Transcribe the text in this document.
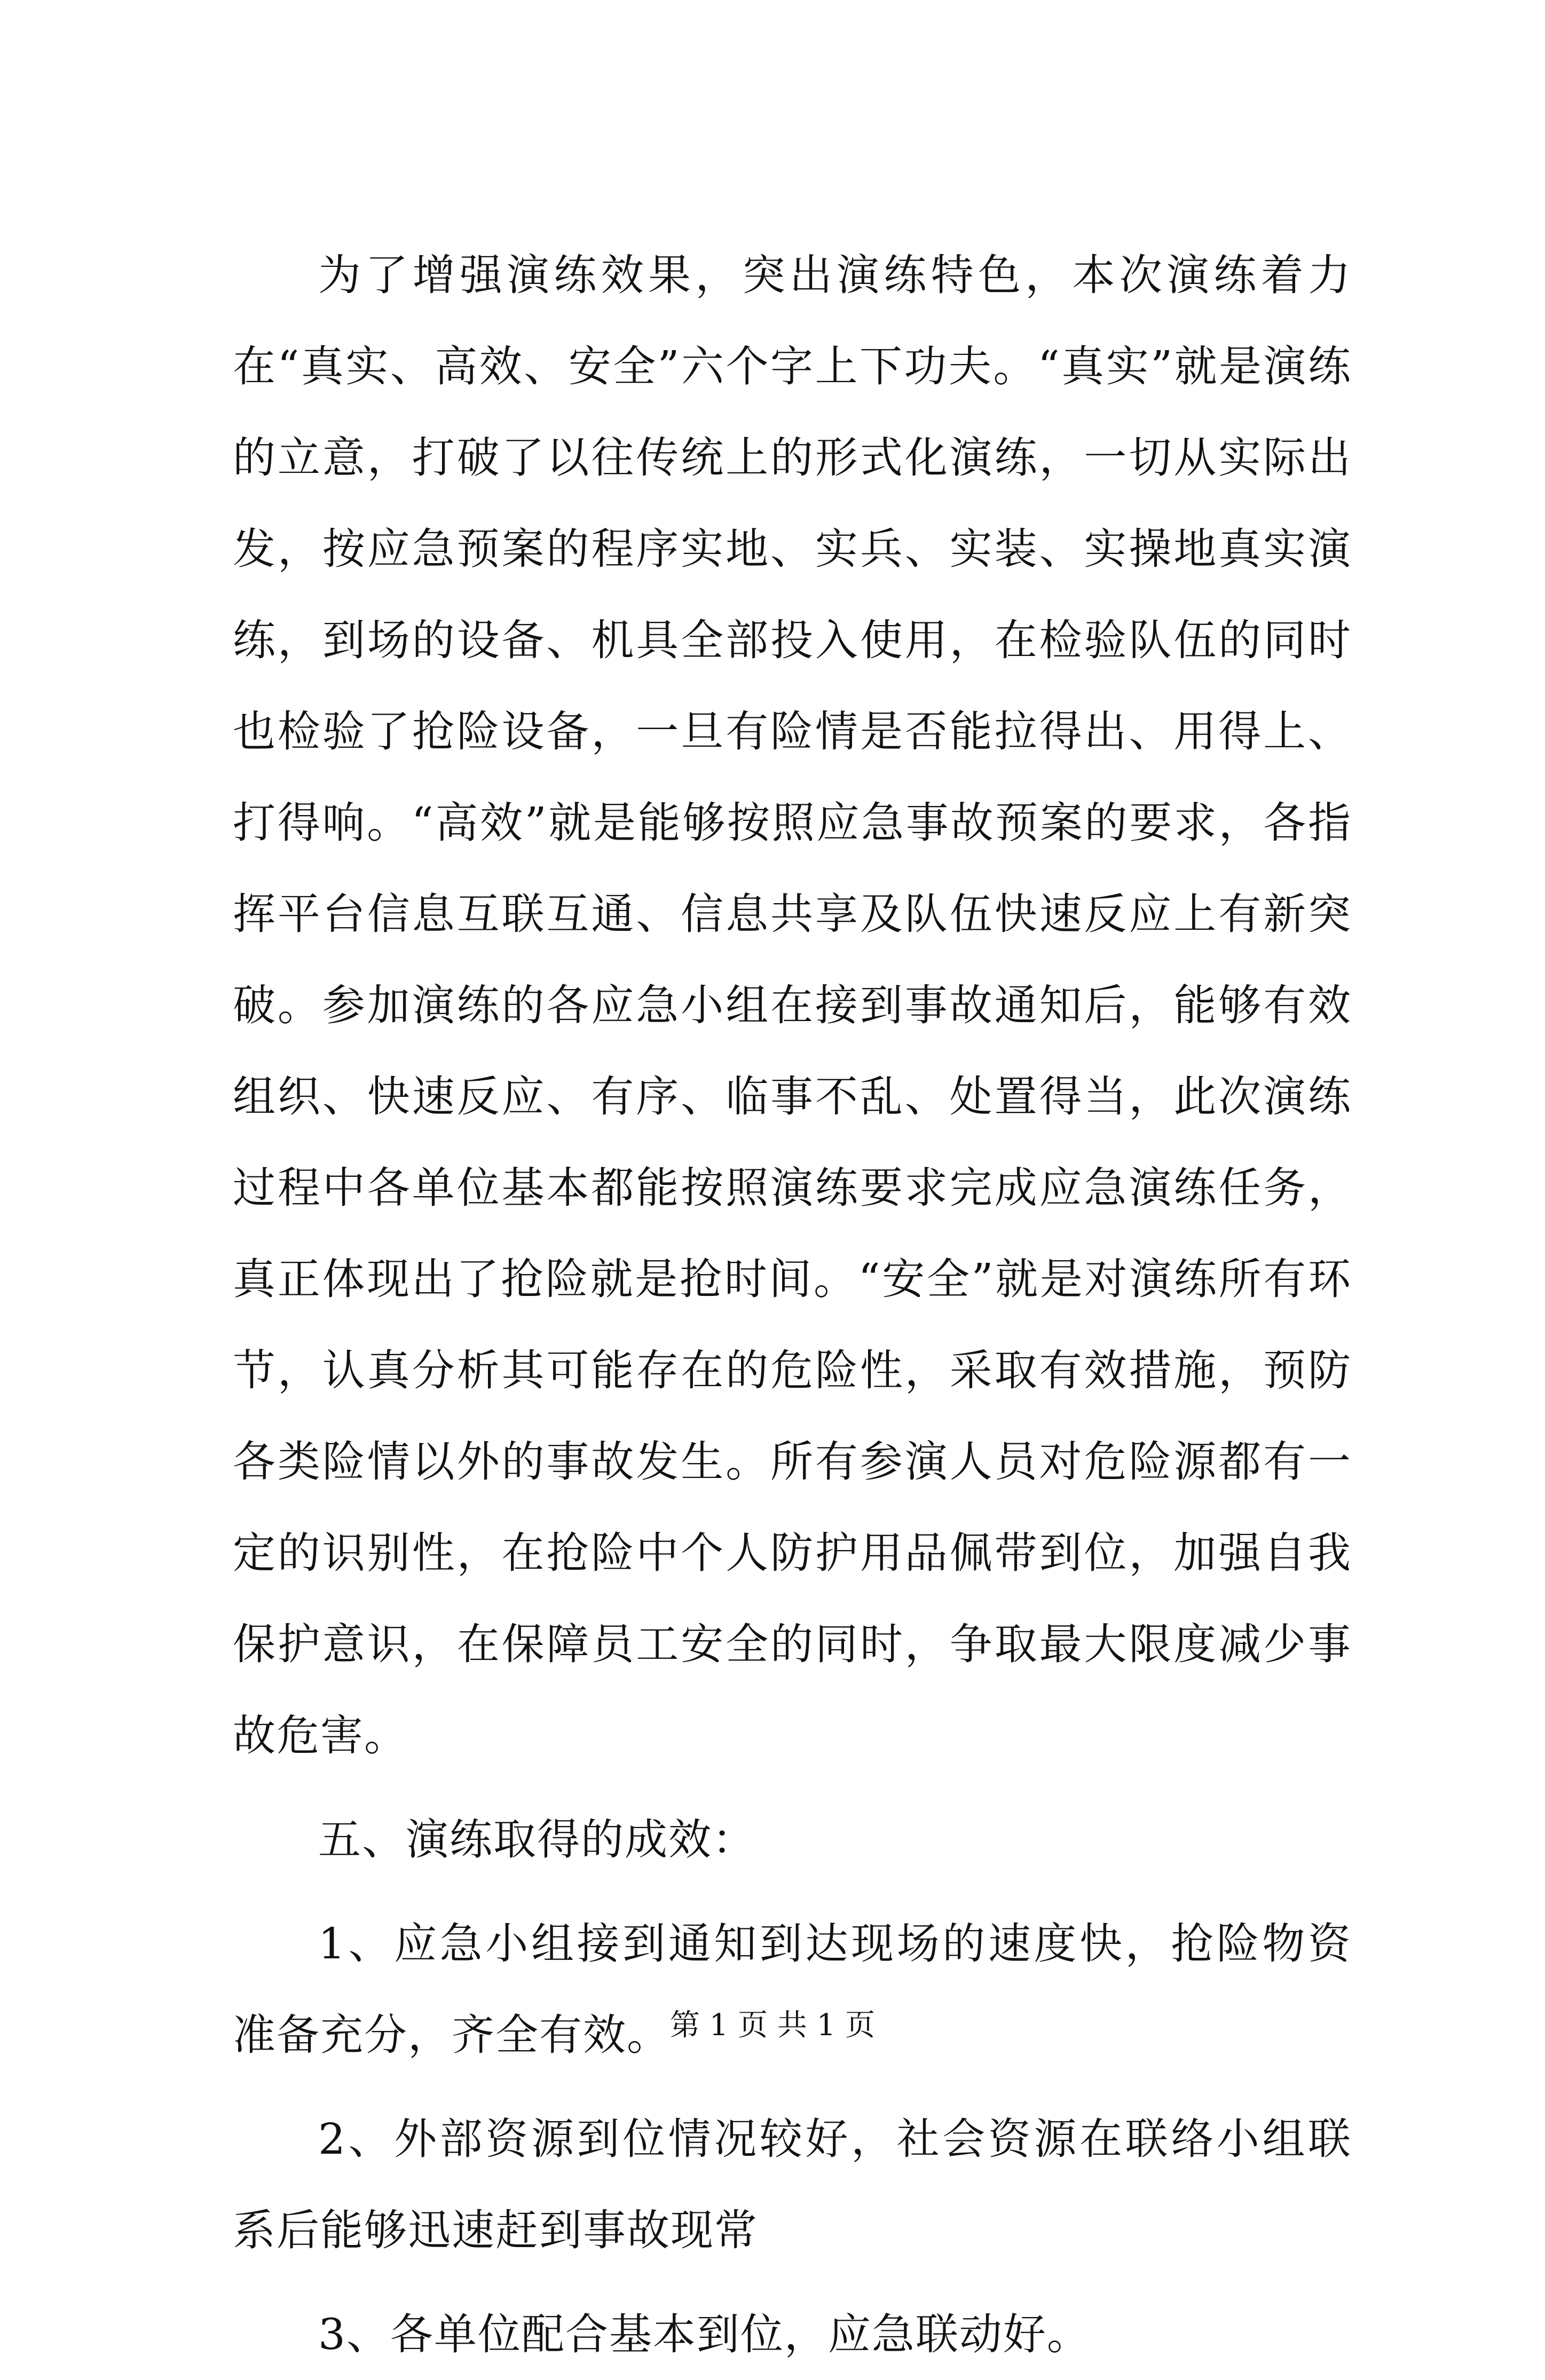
为了增强演练效果，突出演练特色，本次演练着力在“真实、高效、安全”六个字上下功夫。“真实”就是演练的立意，打破了以往传统上的形式化演练，一切从实际出发，按应急预案的程序实地、实兵、实装、实操地真实演练，到场的设备、机具全部投入使用，在检验队伍的同时也检验了抢险设备，一旦有险情是否能拉得出、用得上、打得响。“高效”就是能够按照应急事故预案的要求，各指挥平台信息互联互通、信息共享及队伍快速反应上有新突破。参加演练的各应急小组在接到事故通知后，能够有效组织、快速反应、有序、临事不乱、处置得当，此次演练过程中各单位基本都能按照演练要求完成应急演练任务，真正体现出了抢险就是抢时间。“安全”就是对演练所有环节，认真分析其可能存在的危险性，采取有效措施，预防各类险情以外的事故发生。所有参演人员对危险源都有一定的识别性，在抢险中个人防护用品佩带到位，加强自我保护意识，在保障员工安全的同时，争取最大限度减少事故危害。

五、演练取得的成效：

1、应急小组接到通知到达现场的速度快，抢险物资准备充分，齐全有效。

2、外部资源到位情况较好，社会资源在联络小组联系后能够迅速赶到事故现常

3、各单位配合基本到位，应急联动好。

第 1 页 共 1 页
